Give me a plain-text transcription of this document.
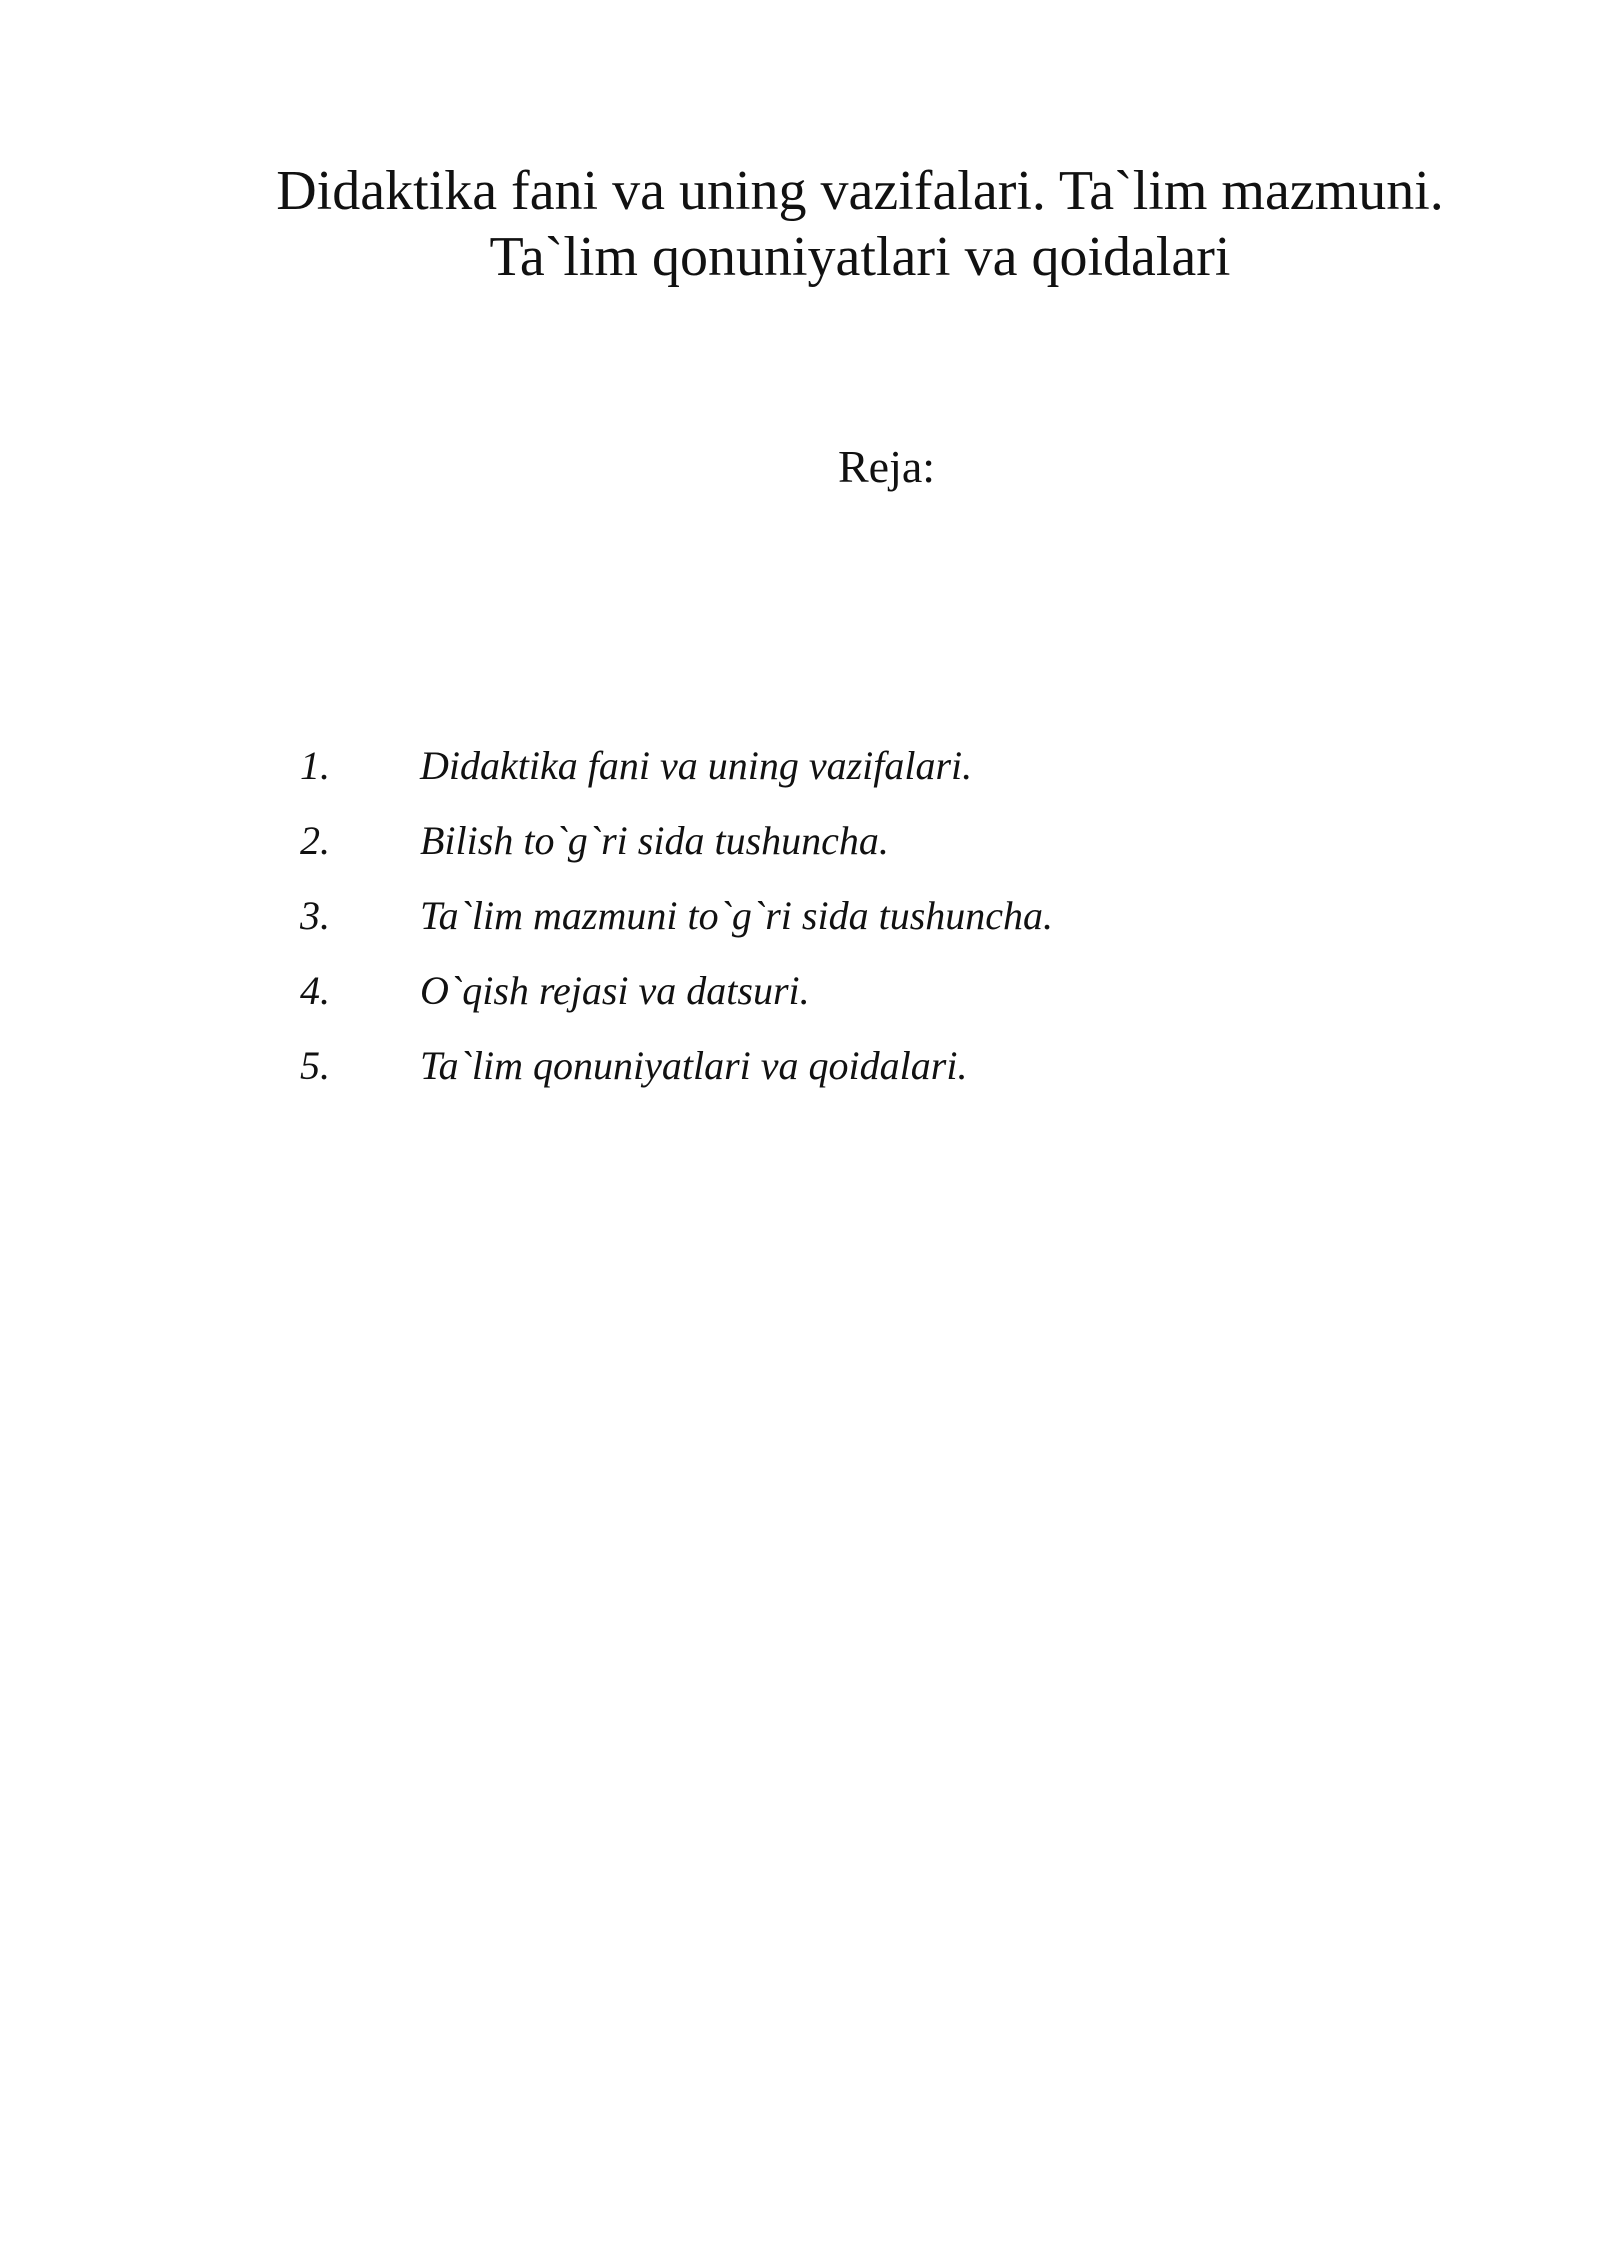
Didaktika fani va uning vazifalari. Ta`lim mazmuni.
Ta`lim qonuniyatlari va qoidalari

Reja:

1.	Didaktika fani va uning vazifalari.
2.	Bilish to`g`ri sida tushuncha.
3.	Ta`lim mazmuni to`g`ri sida tushuncha.
4.	O`qish rejasi va datsuri.
5.	Ta`lim qonuniyatlari va qoidalari.
